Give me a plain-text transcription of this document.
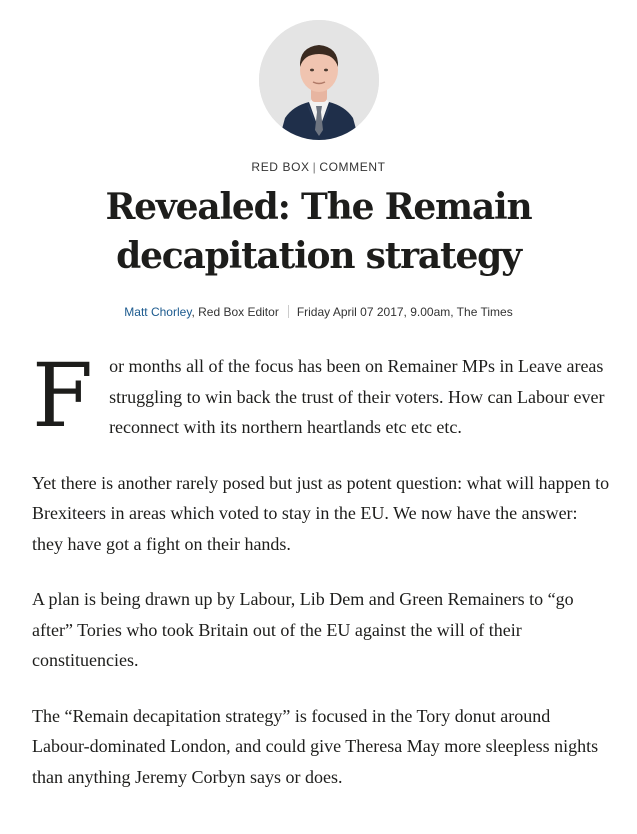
RED BOX | COMMENT
Revealed: The Remain decapitation strategy
Matt Chorley, Red Box Editor Friday April 07 2017, 9.00am, The Times

For months all of the focus has been on Remainer MPs in Leave areas struggling to win back the trust of their voters. How can Labour ever reconnect with its northern heartlands etc etc etc.

Yet there is another rarely posed but just as potent question: what will happen to Brexiteers in areas which voted to stay in the EU. We now have the answer: they have got a fight on their hands.

A plan is being drawn up by Labour, Lib Dem and Green Remainers to “go after” Tories who took Britain out of the EU against the will of their constituencies.

The “Remain decapitation strategy” is focused in the Tory donut around Labour-dominated London, and could give Theresa May more sleepless nights than anything Jeremy Corbyn says or does.
